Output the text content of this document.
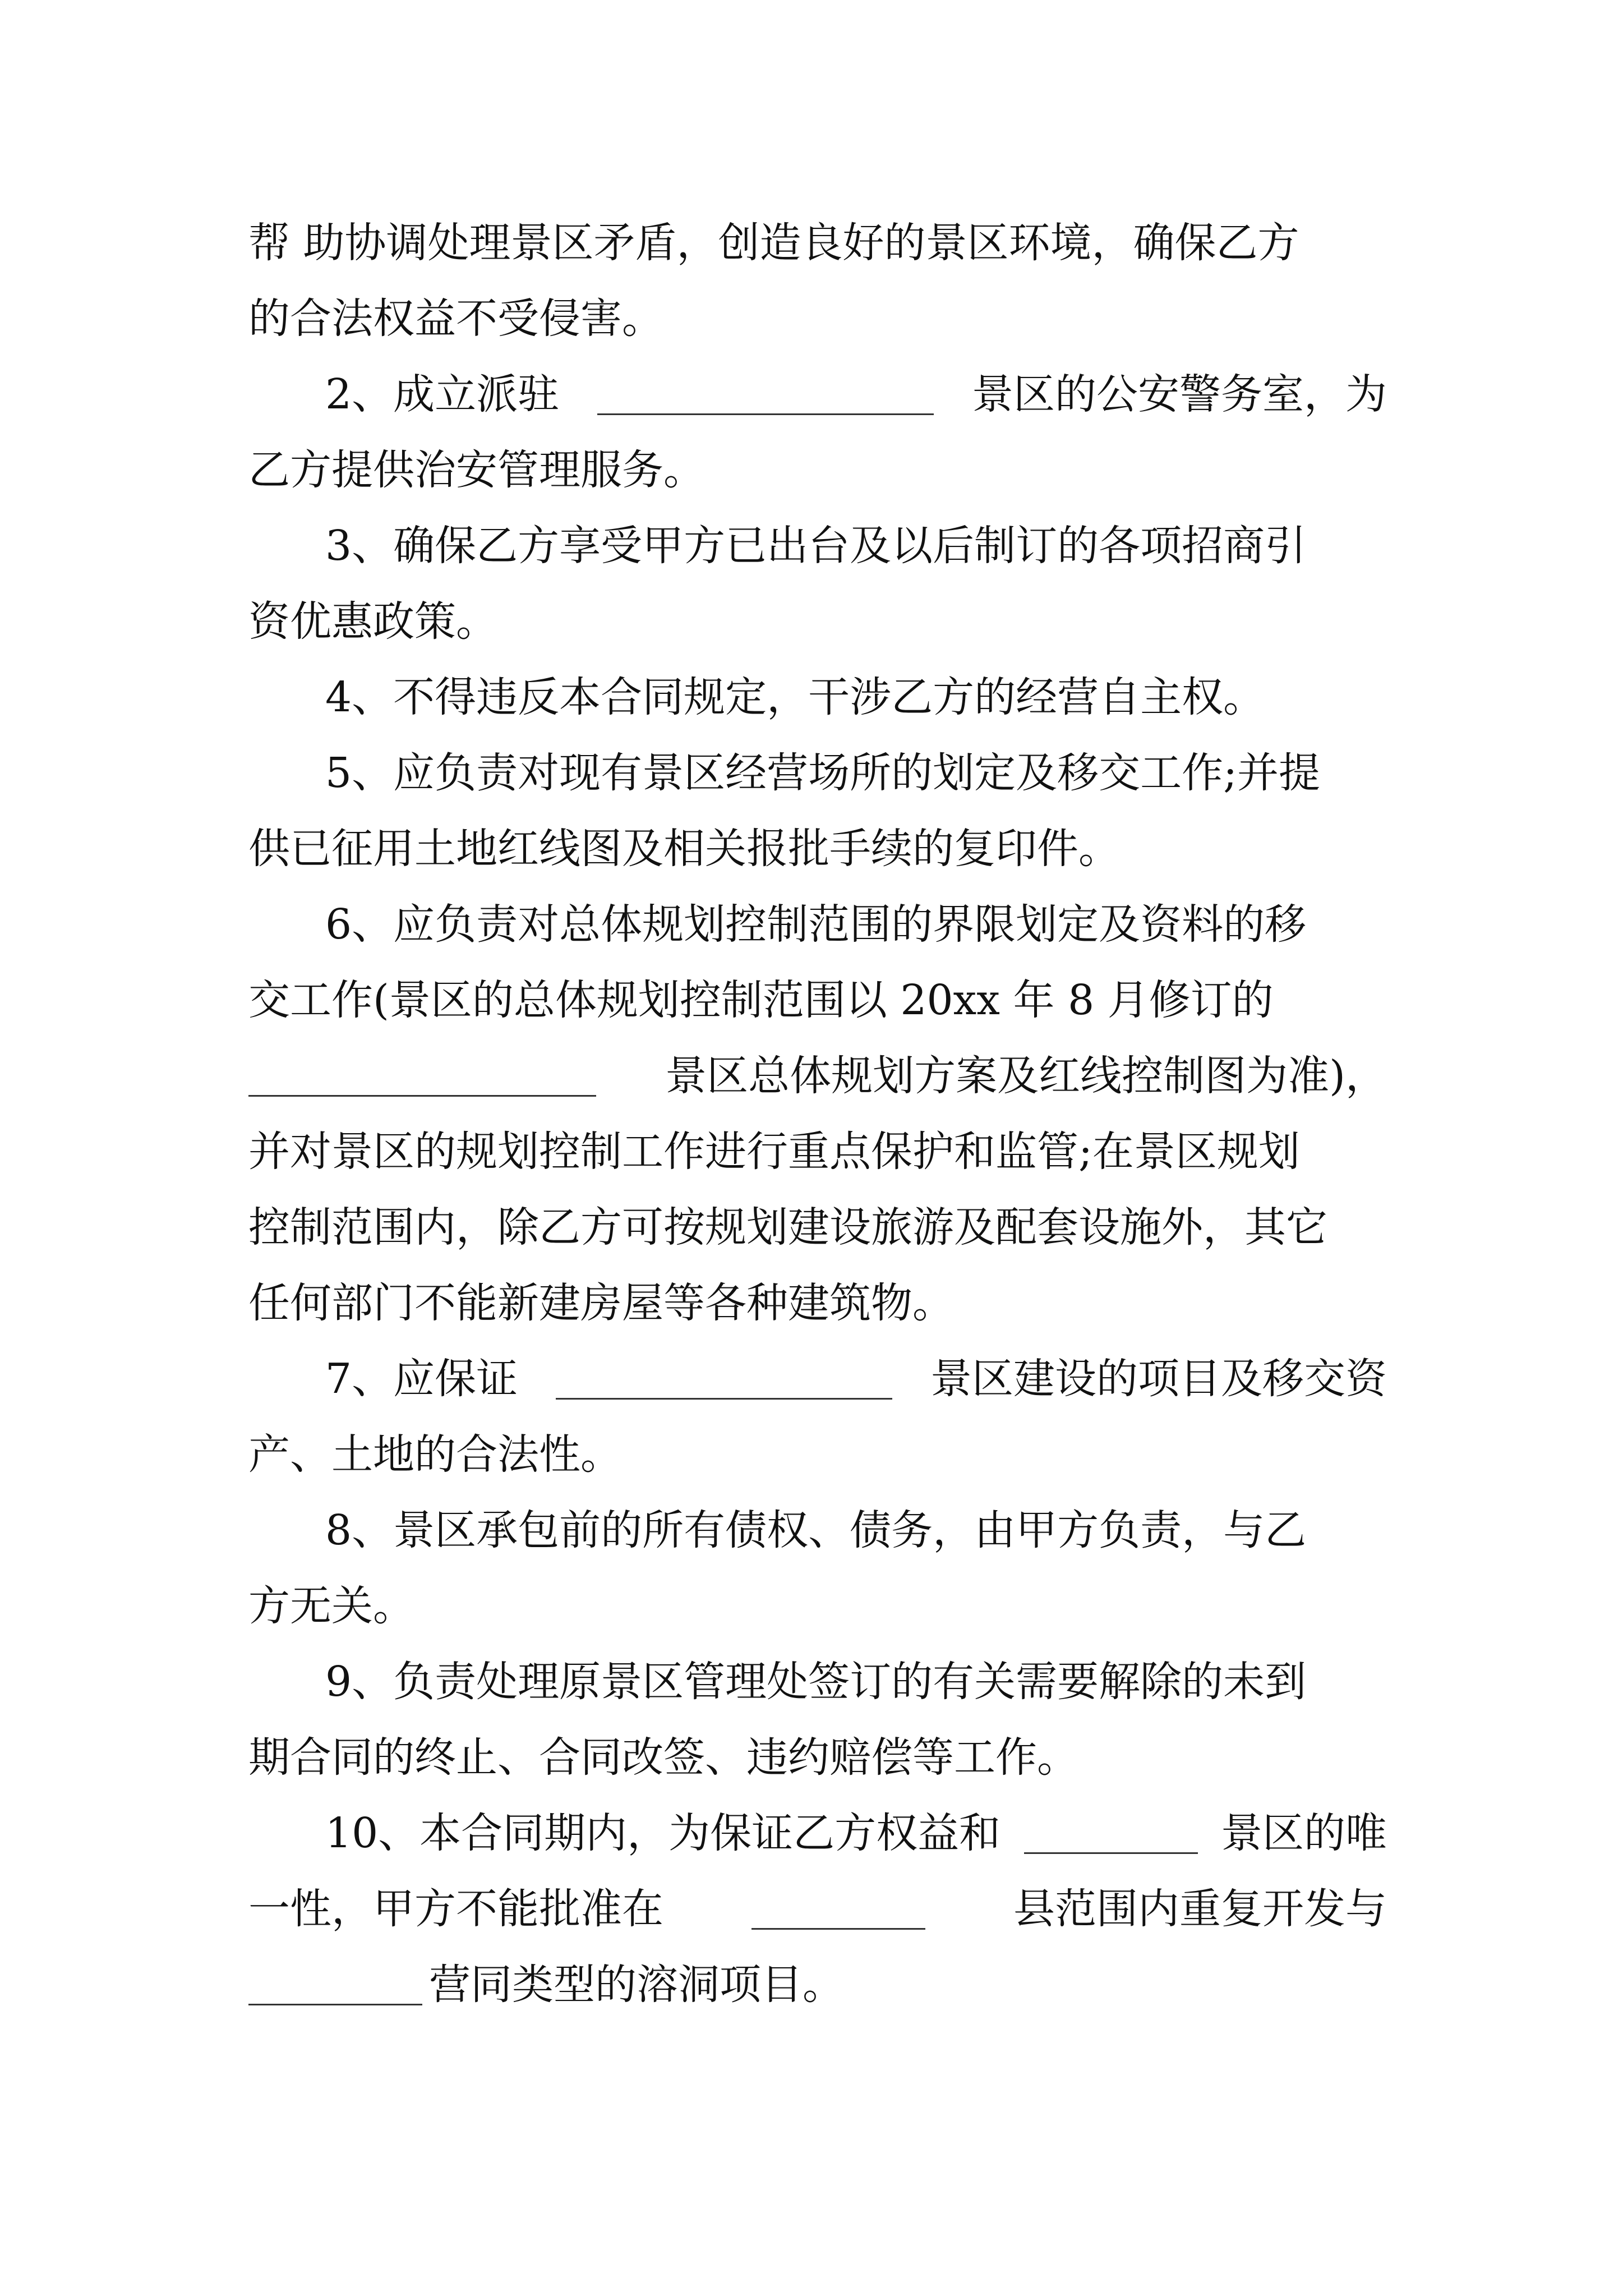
帮 助协调处理景区矛盾，创造良好的景区环境，确保乙方
的合法权益不受侵害。
2、成立派驻	景区的公安警务室，为
乙方提供治安管理服务。
3、确保乙方享受甲方已出台及以后制订的各项招商引
资优惠政策。
4、不得违反本合同规定，干涉乙方的经营自主权。
5、应负责对现有景区经营场所的划定及移交工作;并提
供已征用土地红线图及相关报批手续的复印件。
6、应负责对总体规划控制范围的界限划定及资料的移
交工作(景区的总体规划控制范围以 20xx 年 8 月修订的
景区总体规划方案及红线控制图为准)，
并对景区的规划控制工作进行重点保护和监管;在景区规划
控制范围内，除乙方可按规划建设旅游及配套设施外，其它
任何部门不能新建房屋等各种建筑物。
7、应保证	景区建设的项目及移交资
产、土地的合法性。
8、景区承包前的所有债权、债务，由甲方负责，与乙
方无关。
9、负责处理原景区管理处签订的有关需要解除的未到
期合同的终止、合同改签、违约赔偿等工作。
10、本合同期内，为保证乙方权益和	景区的唯
一性，甲方不能批准在	县范围内重复开发与
营同类型的溶洞项目。
